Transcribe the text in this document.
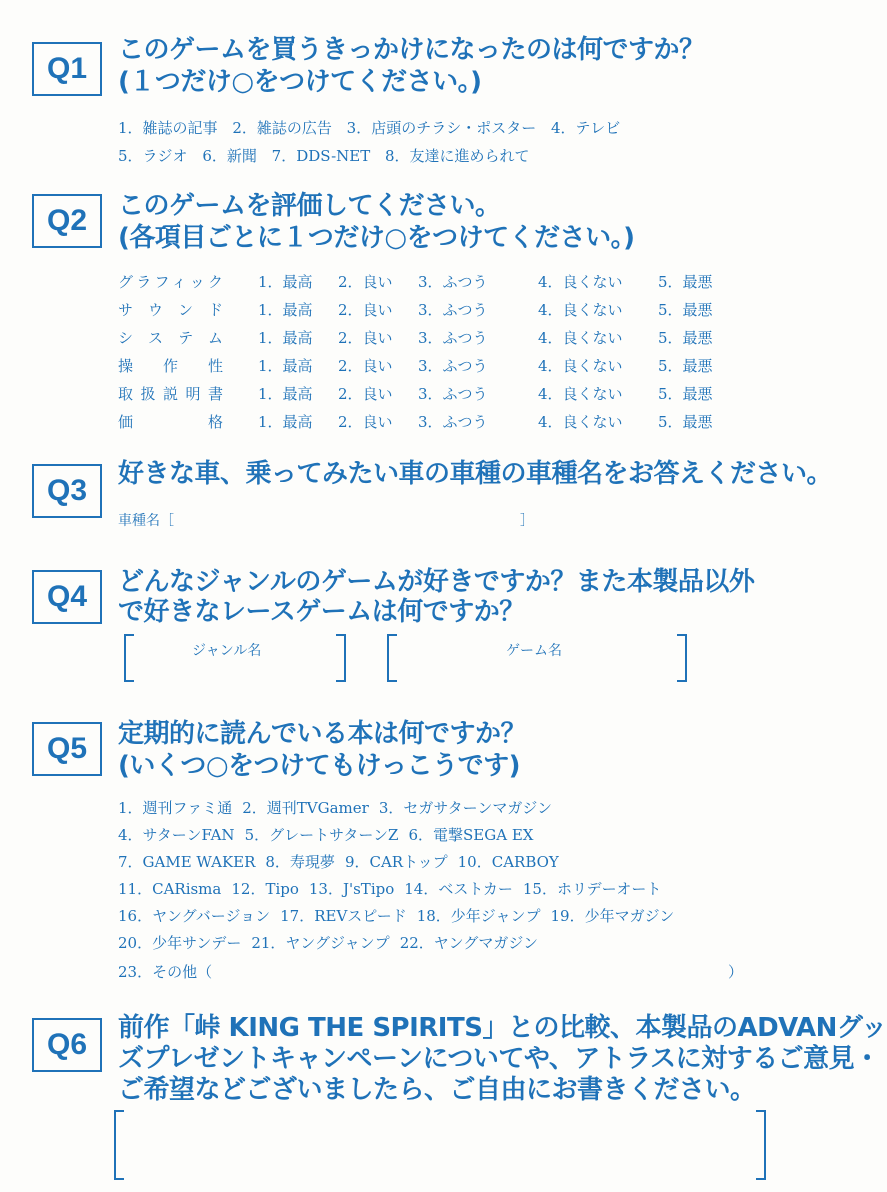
Q1
このゲームを買うきっかけになったのは何ですか？
(１つだけ○をつけてください。)
1．雑誌の記事 2．雑誌の広告 3．店頭のチラシ・ポスター 4．テレビ
5．ラジオ 6．新聞 7．DDS-NET 8．友達に進められて
Q2 このゲームを評価してください。
(各項目ごとに１つだけ○をつけてください。)
グラフィック 1．最高 2．良い 3．ふつう	4．良くない 5．最悪
サウンド 1．最高 2．良い 3．ふつう	4．良くない 5．最悪
システム 1．最高 2．良い 3．ふつう	4．良くない 5．最悪
操作性 1．最高 2．良い 3．ふつう	4．良くない 5．最悪
取扱説明書 1．最高 2．良い 3．ふつう	4．良くない 5．最悪
価格 1．最高 2．良い 3．ふつう	4．良くない 5．最悪
Q3 好きな車、乗ってみたい車の車種の車種名をお答えください。
車種名［	］
Q4 どんなジャンルのゲームが好きですか？また本製品以外
で好きなレースゲームは何ですか？
ジャンル名	ゲーム名
Q5 定期的に読んでいる本は何ですか？
(いくつ○をつけてもけっこうです)
1．週刊ファミ通 2．週刊TVGamer 3．セガサターンマガジン
4．サターンFAN 5．グレートサターンZ 6．電撃SEGA EX
7．GAME WAKER 8．寿現夢 9．CARトップ 10．CARBOY
11．CARisma 12．Tipo 13．J'sTipo 14．ベストカー 15．ホリデーオート
16．ヤングバージョン 17．REVスピード 18．少年ジャンプ 19．少年マガジン
20．少年サンデー 21．ヤングジャンプ 22．ヤングマガジン
23．その他（	）
Q6 前作「峠 KING THE SPIRITS」との比較、本製品のADVANグッ
ズプレゼントキャンペーンについてや、アトラスに対するご意見・
ご希望などございましたら、ご自由にお書きください。
